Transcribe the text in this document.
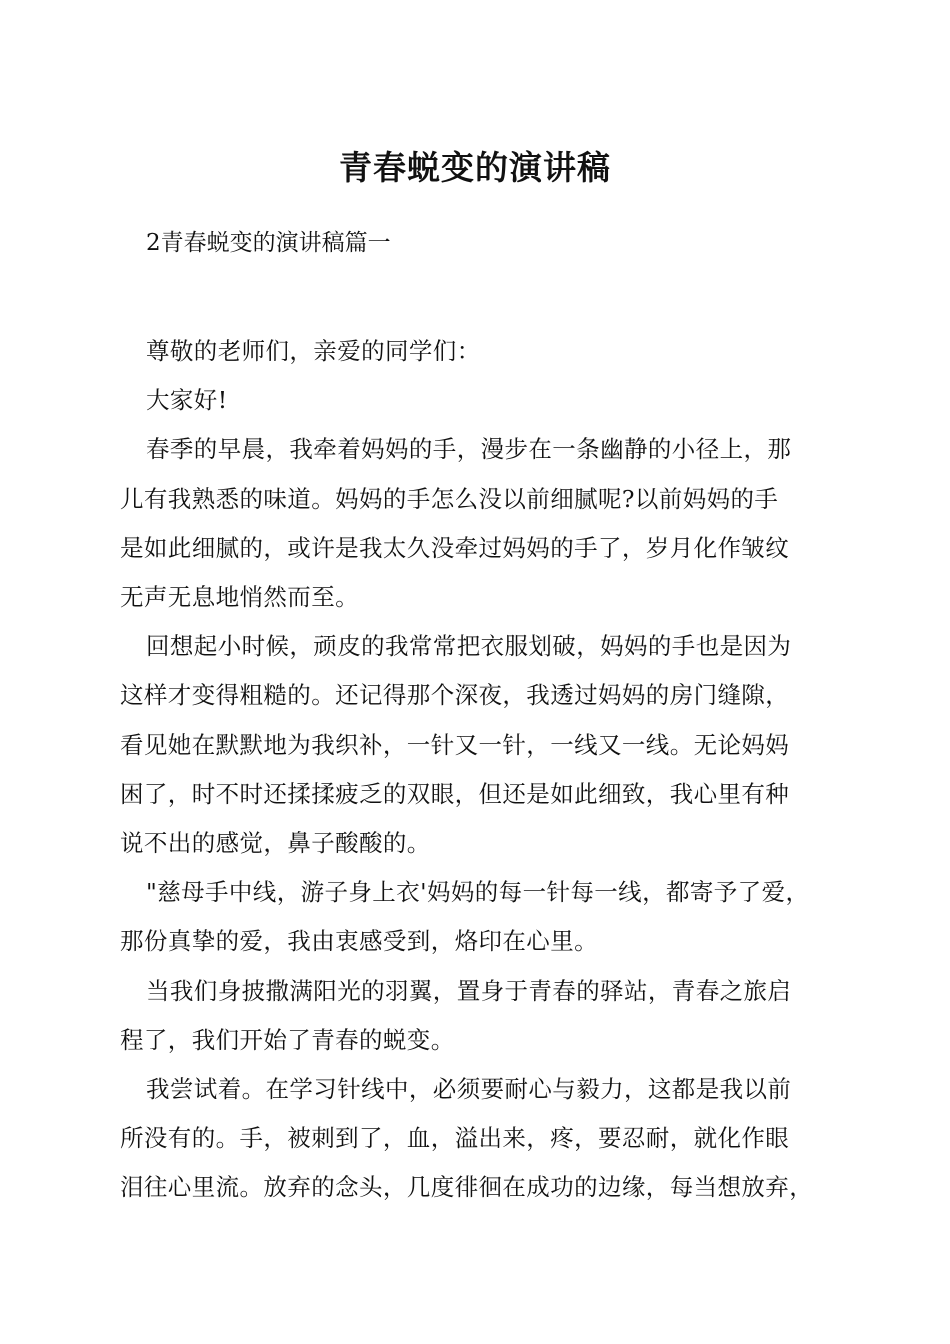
青春蜕变的演讲稿
2青春蜕变的演讲稿篇一
尊敬的老师们，亲爱的同学们：
大家好!
春季的早晨，我牵着妈妈的手，漫步在一条幽静的小径上，那
儿有我熟悉的味道。妈妈的手怎么没以前细腻呢?以前妈妈的手
是如此细腻的，或许是我太久没牵过妈妈的手了，岁月化作皱纹
无声无息地悄然而至。
回想起小时候，顽皮的我常常把衣服划破，妈妈的手也是因为
这样才变得粗糙的。还记得那个深夜，我透过妈妈的房门缝隙，
看见她在默默地为我织补，一针又一针，一线又一线。无论妈妈
困了，时不时还揉揉疲乏的双眼，但还是如此细致，我心里有种
说不出的感觉，鼻子酸酸的。
"慈母手中线，游子身上衣'妈妈的每一针每一线，都寄予了爱，
那份真挚的爱，我由衷感受到，烙印在心里。
当我们身披撒满阳光的羽翼，置身于青春的驿站，青春之旅启
程了，我们开始了青春的蜕变。
我尝试着。在学习针线中，必须要耐心与毅力，这都是我以前
所没有的。手，被刺到了，血，溢出来，疼，要忍耐，就化作眼
泪往心里流。放弃的念头，几度徘徊在成功的边缘，每当想放弃，
